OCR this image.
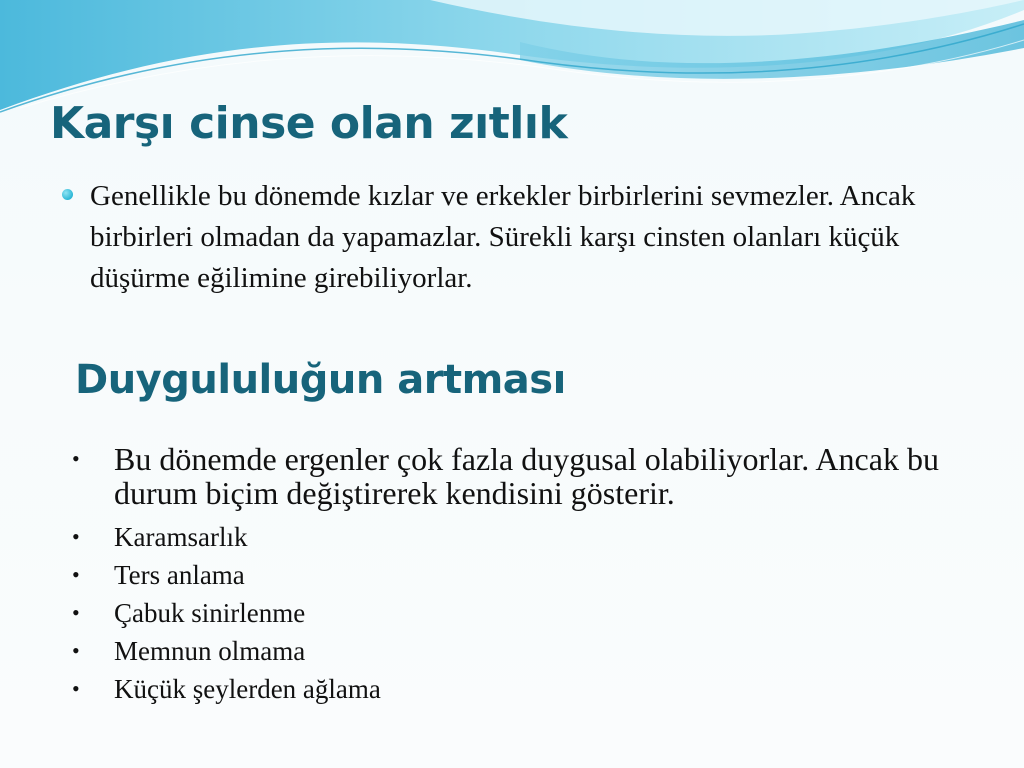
Karşı cinse olan zıtlık

Genellikle bu dönemde kızlar ve erkekler birbirlerini sevmezler. Ancak birbirleri olmadan da yapamazlar. Sürekli karşı cinsten olanları küçük düşürme eğilimine girebiliyorlar.

Duygululuğun artması
• Bu dönemde ergenler çok fazla duygusal olabiliyorlar. Ancak bu durum biçim değiştirerek kendisini gösterir.
• Karamsarlık
• Ters anlama
• Çabuk sinirlenme
• Memnun olmama
• Küçük şeylerden ağlama
